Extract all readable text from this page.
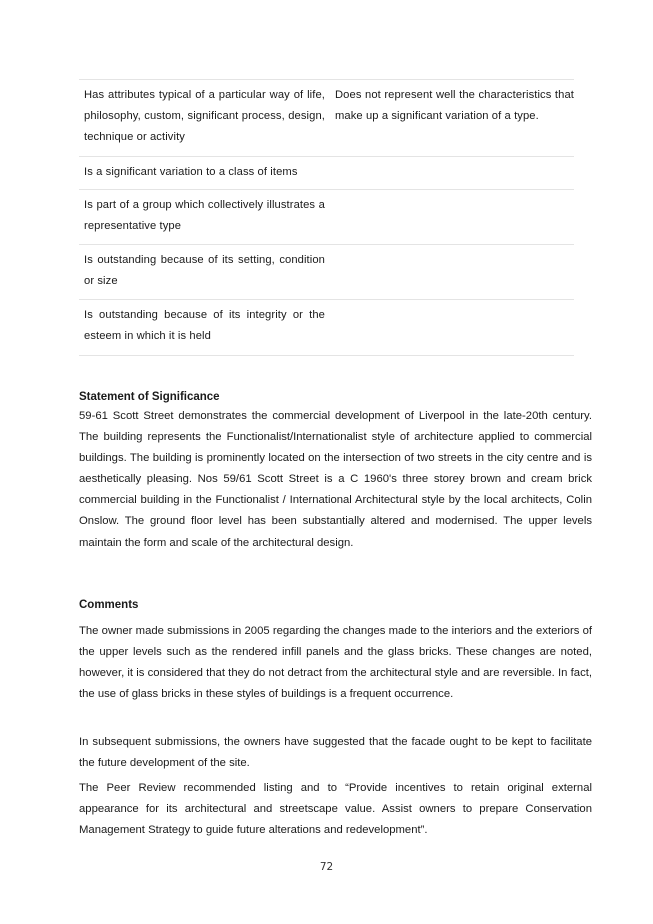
Has attributes typical of a particular way of life, philosophy, custom, significant process, design, technique or activity
Does not represent well the characteristics that make up a significant variation of a type.
Is a significant variation to a class of items
Is part of a group which collectively illustrates a representative type
Is outstanding because of its setting, condition or size
Is outstanding because of its integrity or the esteem in which it is held
Statement of Significance

59-61 Scott Street demonstrates the commercial development of Liverpool in the late-20th century. The building represents the Functionalist/Internationalist style of architecture applied to commercial buildings. The building is prominently located on the intersection of two streets in the city centre and is aesthetically pleasing. Nos 59/61 Scott Street is a C 1960's three storey brown and cream brick commercial building in the Functionalist / International Architectural style by the local architects, Colin Onslow. The ground floor level has been substantially altered and modernised. The upper levels maintain the form and scale of the architectural design.

Comments

The owner made submissions in 2005 regarding the changes made to the interiors and the exteriors of the upper levels such as the rendered infill panels and the glass bricks. These changes are noted, however, it is considered that they do not detract from the architectural style and are reversible. In fact, the use of glass bricks in these styles of buildings is a frequent occurrence.

In subsequent submissions, the owners have suggested that the facade ought to be kept to facilitate the future development of the site.

The Peer Review recommended listing and to “Provide incentives to retain original external appearance for its architectural and streetscape value. Assist owners to prepare Conservation Management Strategy to guide future alterations and redevelopment”.

72
